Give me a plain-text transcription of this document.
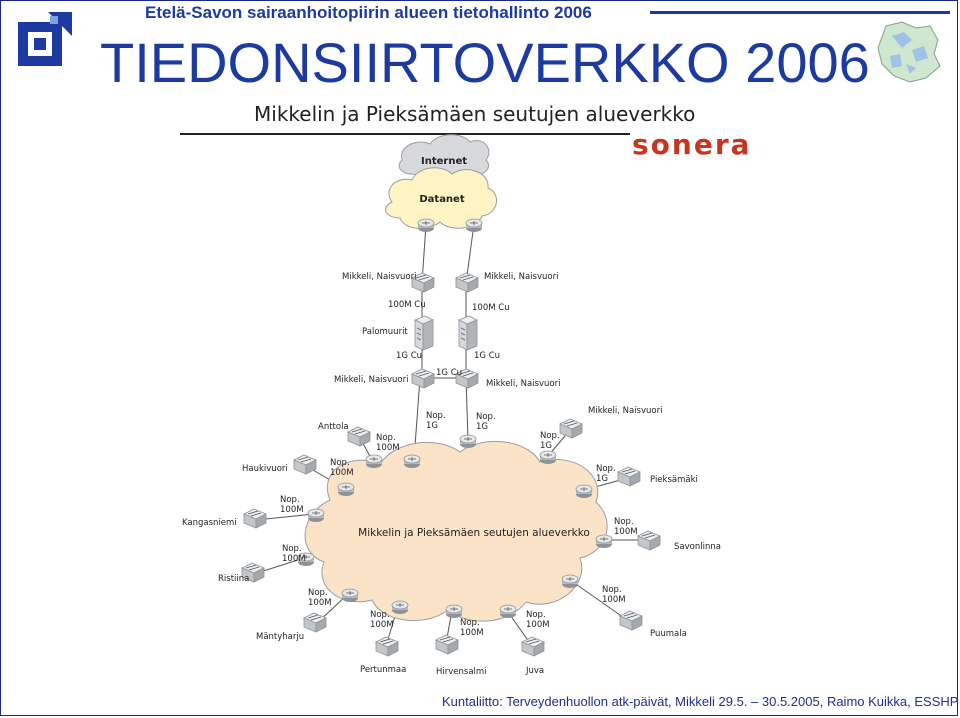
Etelä-Savon sairaanhoitopiirin alueen tietohallinto 2006
TIEDONSIIRTOVERKKO 2006
Mikkelin ja Pieksämäen seutujen alueverkko
sonera
Internet
Datanet
Mikkelin ja Pieksämäen seutujen alueverkko
Mikkeli, Naisvuori	Mikkeli, Naisvuori
100M Cu	100M Cu
Palomuurit
1G Cu	1G Cu
1G Cu
Mikkeli, Naisvuori	Mikkeli, Naisvuori
Nop. 1G
Nop. 1G
Anttola
Haukivuori
Kangasniemi
Ristiina
Mäntyharju
Pertunmaa	Hirvensalmi	Juva
Puumala
Savonlinna
Pieksämäki
Mikkeli, Naisvuori
Nop. 100M
Nop. 100M
Nop. 100M
Nop. 100M
Nop. 100M
Nop. 100M	Nop. 100M
Nop. 100M
Nop. 100M
Nop. 100M
Nop. 1G
Nop. 1G
Kuntaliitto: Terveydenhuollon atk-päivät, Mikkeli 29.5. – 30.5.2005, Raimo Kuikka, ESSHP
